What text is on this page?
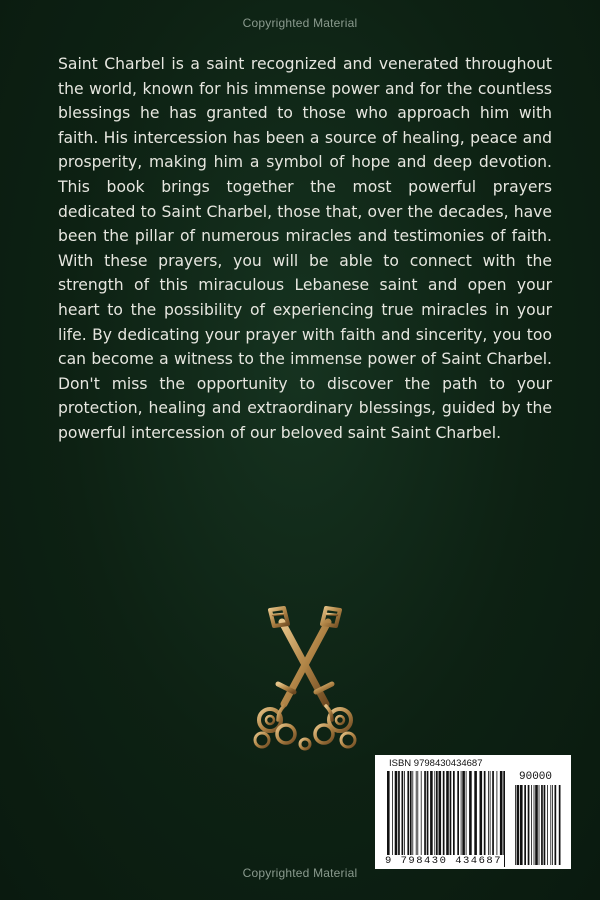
Copyrighted Material

Saint Charbel is a saint recognized and venerated throughout the world, known for his immense power and for the countless blessings he has granted to those who approach him with faith. His intercession has been a source of healing, peace and prosperity, making him a symbol of hope and deep devotion. This book brings together the most powerful prayers dedicated to Saint Charbel, those that, over the decades, have been the pillar of numerous miracles and testimonies of faith. With these prayers, you will be able to connect with the strength of this miraculous Lebanese saint and open your heart to the possibility of experiencing true miracles in your life. By dedicating your prayer with faith and sincerity, you too can become a witness to the immense power of Saint Charbel. Don't miss the opportunity to discover the path to your protection, healing and extraordinary blessings, guided by the powerful intercession of our beloved saint Saint Charbel.

ISBN 9798430434687
90000
9 798430 434687
Copyrighted Material
